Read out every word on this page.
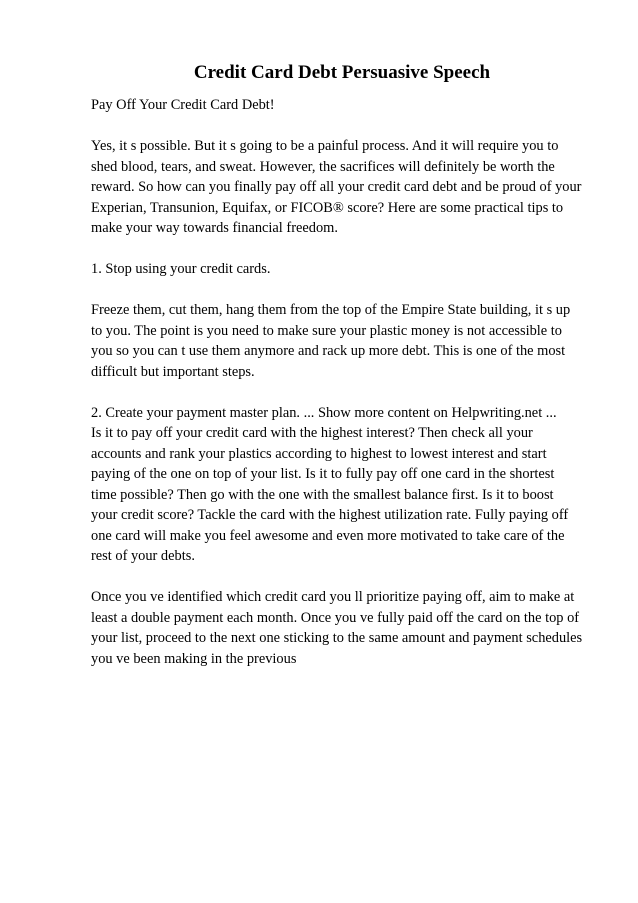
Credit Card Debt Persuasive Speech

Pay Off Your Credit Card Debt!

Yes, it s possible. But it s going to be a painful process. And it will require you to
shed blood, tears, and sweat. However, the sacrifices will definitely be worth the
reward. So how can you finally pay off all your credit card debt and be proud of your
Experian, Transunion, Equifax, or FICOB® score? Here are some practical tips to
make your way towards financial freedom.

1. Stop using your credit cards.

Freeze them, cut them, hang them from the top of the Empire State building, it s up
to you. The point is you need to make sure your plastic money is not accessible to
you so you can t use them anymore and rack up more debt. This is one of the most
difficult but important steps.

2. Create your payment master plan. ... Show more content on Helpwriting.net ...
Is it to pay off your credit card with the highest interest? Then check all your
accounts and rank your plastics according to highest to lowest interest and start
paying of the one on top of your list. Is it to fully pay off one card in the shortest
time possible? Then go with the one with the smallest balance first. Is it to boost
your credit score? Tackle the card with the highest utilization rate. Fully paying off
one card will make you feel awesome and even more motivated to take care of the
rest of your debts.

Once you ve identified which credit card you ll prioritize paying off, aim to make at
least a double payment each month. Once you ve fully paid off the card on the top of
your list, proceed to the next one sticking to the same amount and payment schedules
you ve been making in the previous
